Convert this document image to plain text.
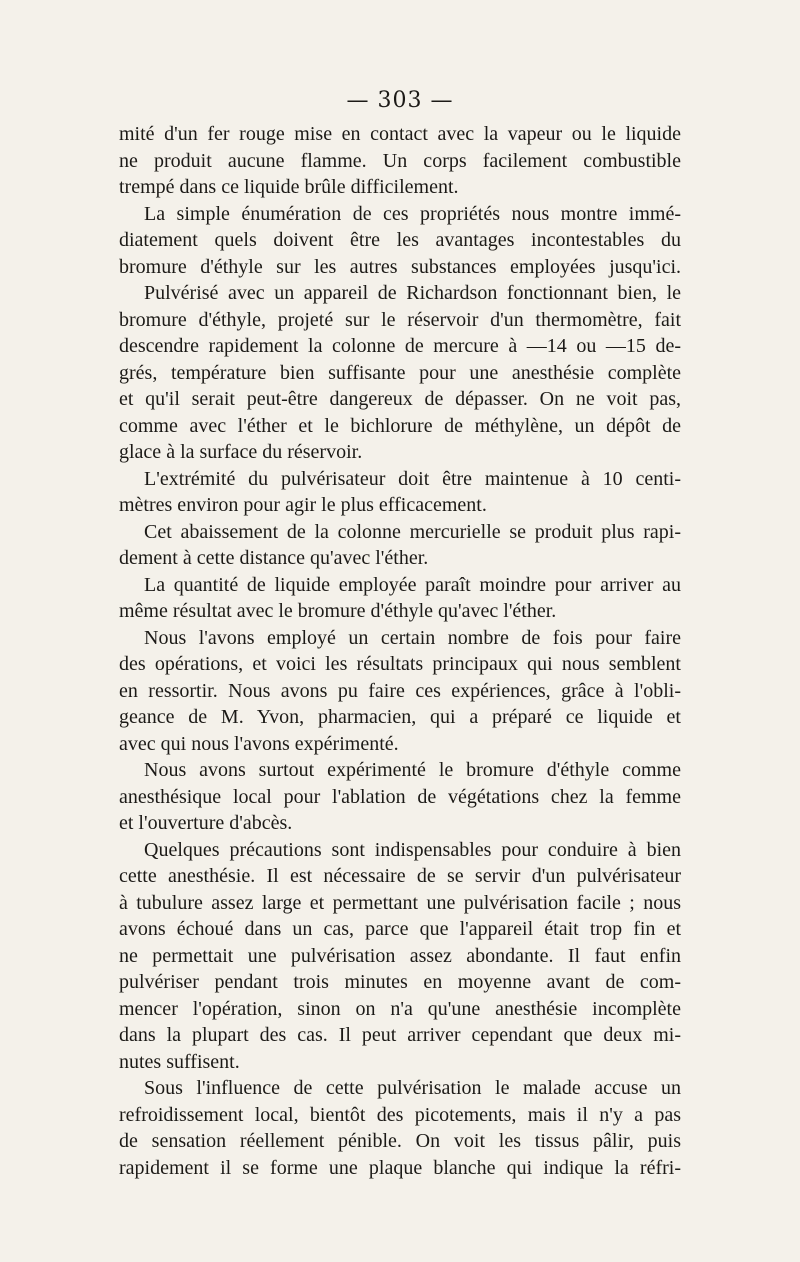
— 303 —
mité d'un fer rouge mise en contact avec la vapeur ou le liquide
ne produit aucune flamme. Un corps facilement combustible
trempé dans ce liquide brûle difficilement.
La simple énumération de ces propriétés nous montre immé-
diatement quels doivent être les avantages incontestables du
bromure d'éthyle sur les autres substances employées jusqu'ici.
Pulvérisé avec un appareil de Richardson fonctionnant bien, le
bromure d'éthyle, projeté sur le réservoir d'un thermomètre, fait
descendre rapidement la colonne de mercure à —14 ou —15 de-
grés, température bien suffisante pour une anesthésie complète
et qu'il serait peut-être dangereux de dépasser. On ne voit pas,
comme avec l'éther et le bichlorure de méthylène, un dépôt de
glace à la surface du réservoir.
L'extrémité du pulvérisateur doit être maintenue à 10 centi-
mètres environ pour agir le plus efficacement.
Cet abaissement de la colonne mercurielle se produit plus rapi-
dement à cette distance qu'avec l'éther.
La quantité de liquide employée paraît moindre pour arriver au
même résultat avec le bromure d'éthyle qu'avec l'éther.
Nous l'avons employé un certain nombre de fois pour faire
des opérations, et voici les résultats principaux qui nous semblent
en ressortir. Nous avons pu faire ces expériences, grâce à l'obli-
geance de M. Yvon, pharmacien, qui a préparé ce liquide et
avec qui nous l'avons expérimenté.
Nous avons surtout expérimenté le bromure d'éthyle comme
anesthésique local pour l'ablation de végétations chez la femme
et l'ouverture d'abcès.
Quelques précautions sont indispensables pour conduire à bien
cette anesthésie. Il est nécessaire de se servir d'un pulvérisateur
à tubulure assez large et permettant une pulvérisation facile ; nous
avons échoué dans un cas, parce que l'appareil était trop fin et
ne permettait une pulvérisation assez abondante. Il faut enfin
pulvériser pendant trois minutes en moyenne avant de com-
mencer l'opération, sinon on n'a qu'une anesthésie incomplète
dans la plupart des cas. Il peut arriver cependant que deux mi-
nutes suffisent.
Sous l'influence de cette pulvérisation le malade accuse un
refroidissement local, bientôt des picotements, mais il n'y a pas
de sensation réellement pénible. On voit les tissus pâlir, puis
rapidement il se forme une plaque blanche qui indique la réfri-
